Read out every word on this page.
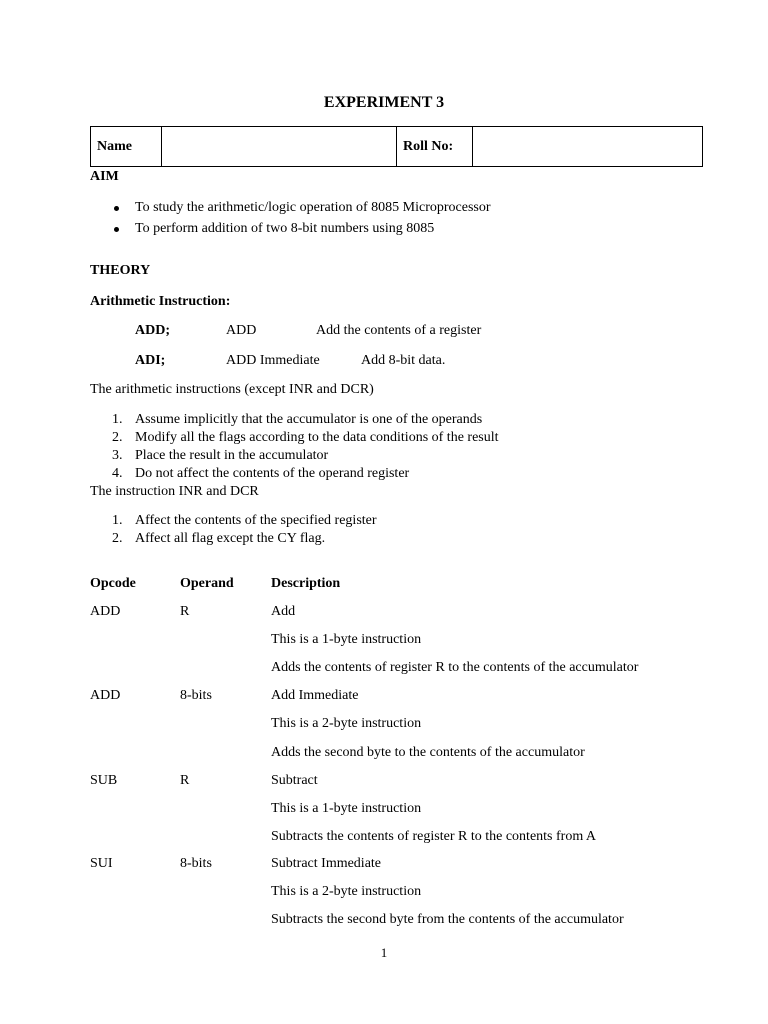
EXPERIMENT 3
Name		Roll No:	
AIM
To study the arithmetic/logic operation of 8085 Microprocessor
To perform addition of two 8-bit numbers using 8085
THEORY
Arithmetic Instruction:
ADD;	ADD	Add the contents of a register
ADI;	ADD Immediate	Add 8-bit data.
The arithmetic instructions (except INR and DCR)
1. Assume implicitly that the accumulator is one of the operands
2. Modify all the flags according to the data conditions of the result
3. Place the result in the accumulator
4. Do not affect the contents of the operand register
The instruction INR and DCR
1. Affect the contents of the specified register
2. Affect all flag except the CY flag.
Opcode	Operand	Description
ADD	R	Add
This is a 1-byte instruction
Adds the contents of register R to the contents of the accumulator
ADD	8-bits	Add Immediate
This is a 2-byte instruction
Adds the second byte to the contents of the accumulator
SUB	R	Subtract
This is a 1-byte instruction
Subtracts the contents of register R to the contents from A
SUI	8-bits	Subtract Immediate
This is a 2-byte instruction
Subtracts the second byte from the contents of the accumulator
1
